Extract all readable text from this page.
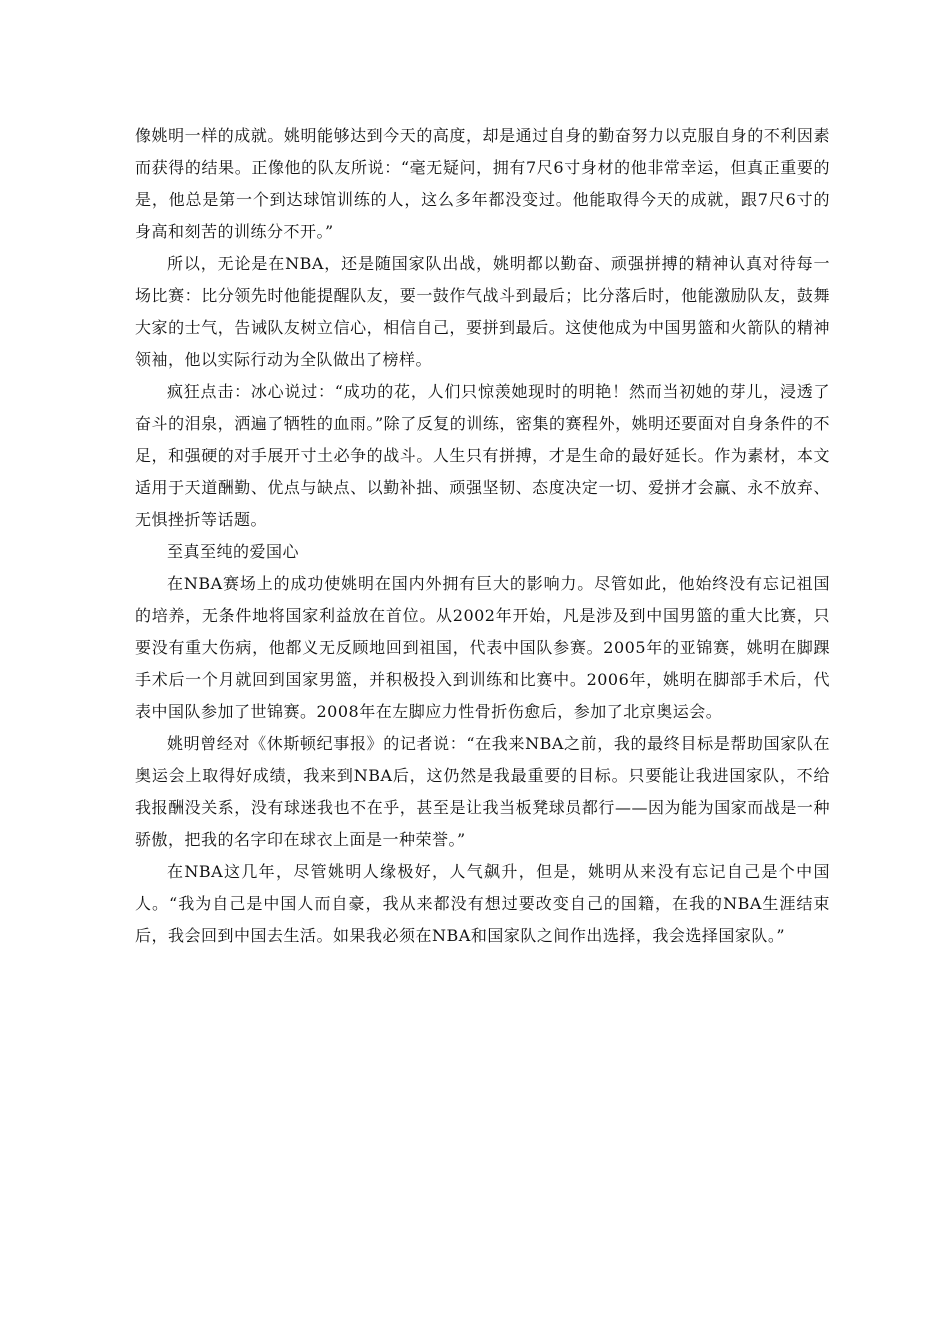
像姚明一样的成就。姚明能够达到今天的高度，却是通过自身的勤奋努力以克服自身的不利因素而获得的结果。正像他的队友所说：“毫无疑问，拥有7尺6寸身材的他非常幸运，但真正重要的是，他总是第一个到达球馆训练的人，这么多年都没变过。他能取得今天的成就，跟7尺6寸的身高和刻苦的训练分不开。”

所以，无论是在NBA，还是随国家队出战，姚明都以勤奋、顽强拼搏的精神认真对待每一场比赛：比分领先时他能提醒队友，要一鼓作气战斗到最后；比分落后时，他能激励队友，鼓舞大家的士气，告诫队友树立信心，相信自己，要拼到最后。这使他成为中国男篮和火箭队的精神领袖，他以实际行动为全队做出了榜样。

疯狂点击：冰心说过：“成功的花，人们只惊羡她现时的明艳！然而当初她的芽儿，浸透了奋斗的泪泉，洒遍了牺牲的血雨。”除了反复的训练，密集的赛程外，姚明还要面对自身条件的不足，和强硬的对手展开寸土必争的战斗。人生只有拼搏，才是生命的最好延长。作为素材，本文适用于天道酬勤、优点与缺点、以勤补拙、顽强坚韧、态度决定一切、爱拼才会赢、永不放弃、无惧挫折等话题。

至真至纯的爱国心

在NBA赛场上的成功使姚明在国内外拥有巨大的影响力。尽管如此，他始终没有忘记祖国的培养，无条件地将国家利益放在首位。从2002年开始，凡是涉及到中国男篮的重大比赛，只要没有重大伤病，他都义无反顾地回到祖国，代表中国队参赛。2005年的亚锦赛，姚明在脚踝手术后一个月就回到国家男篮，并积极投入到训练和比赛中。2006年，姚明在脚部手术后，代表中国队参加了世锦赛。2008年在左脚应力性骨折伤愈后，参加了北京奥运会。

姚明曾经对《休斯顿纪事报》的记者说：“在我来NBA之前，我的最终目标是帮助国家队在奥运会上取得好成绩，我来到NBA后，这仍然是我最重要的目标。只要能让我进国家队，不给我报酬没关系，没有球迷我也不在乎，甚至是让我当板凳球员都行——因为能为国家而战是一种骄傲，把我的名字印在球衣上面是一种荣誉。”

在NBA这几年，尽管姚明人缘极好，人气飙升，但是，姚明从来没有忘记自己是个中国人。“我为自己是中国人而自豪，我从来都没有想过要改变自己的国籍，在我的NBA生涯结束后，我会回到中国去生活。如果我必须在NBA和国家队之间作出选择，我会选择国家队。”
